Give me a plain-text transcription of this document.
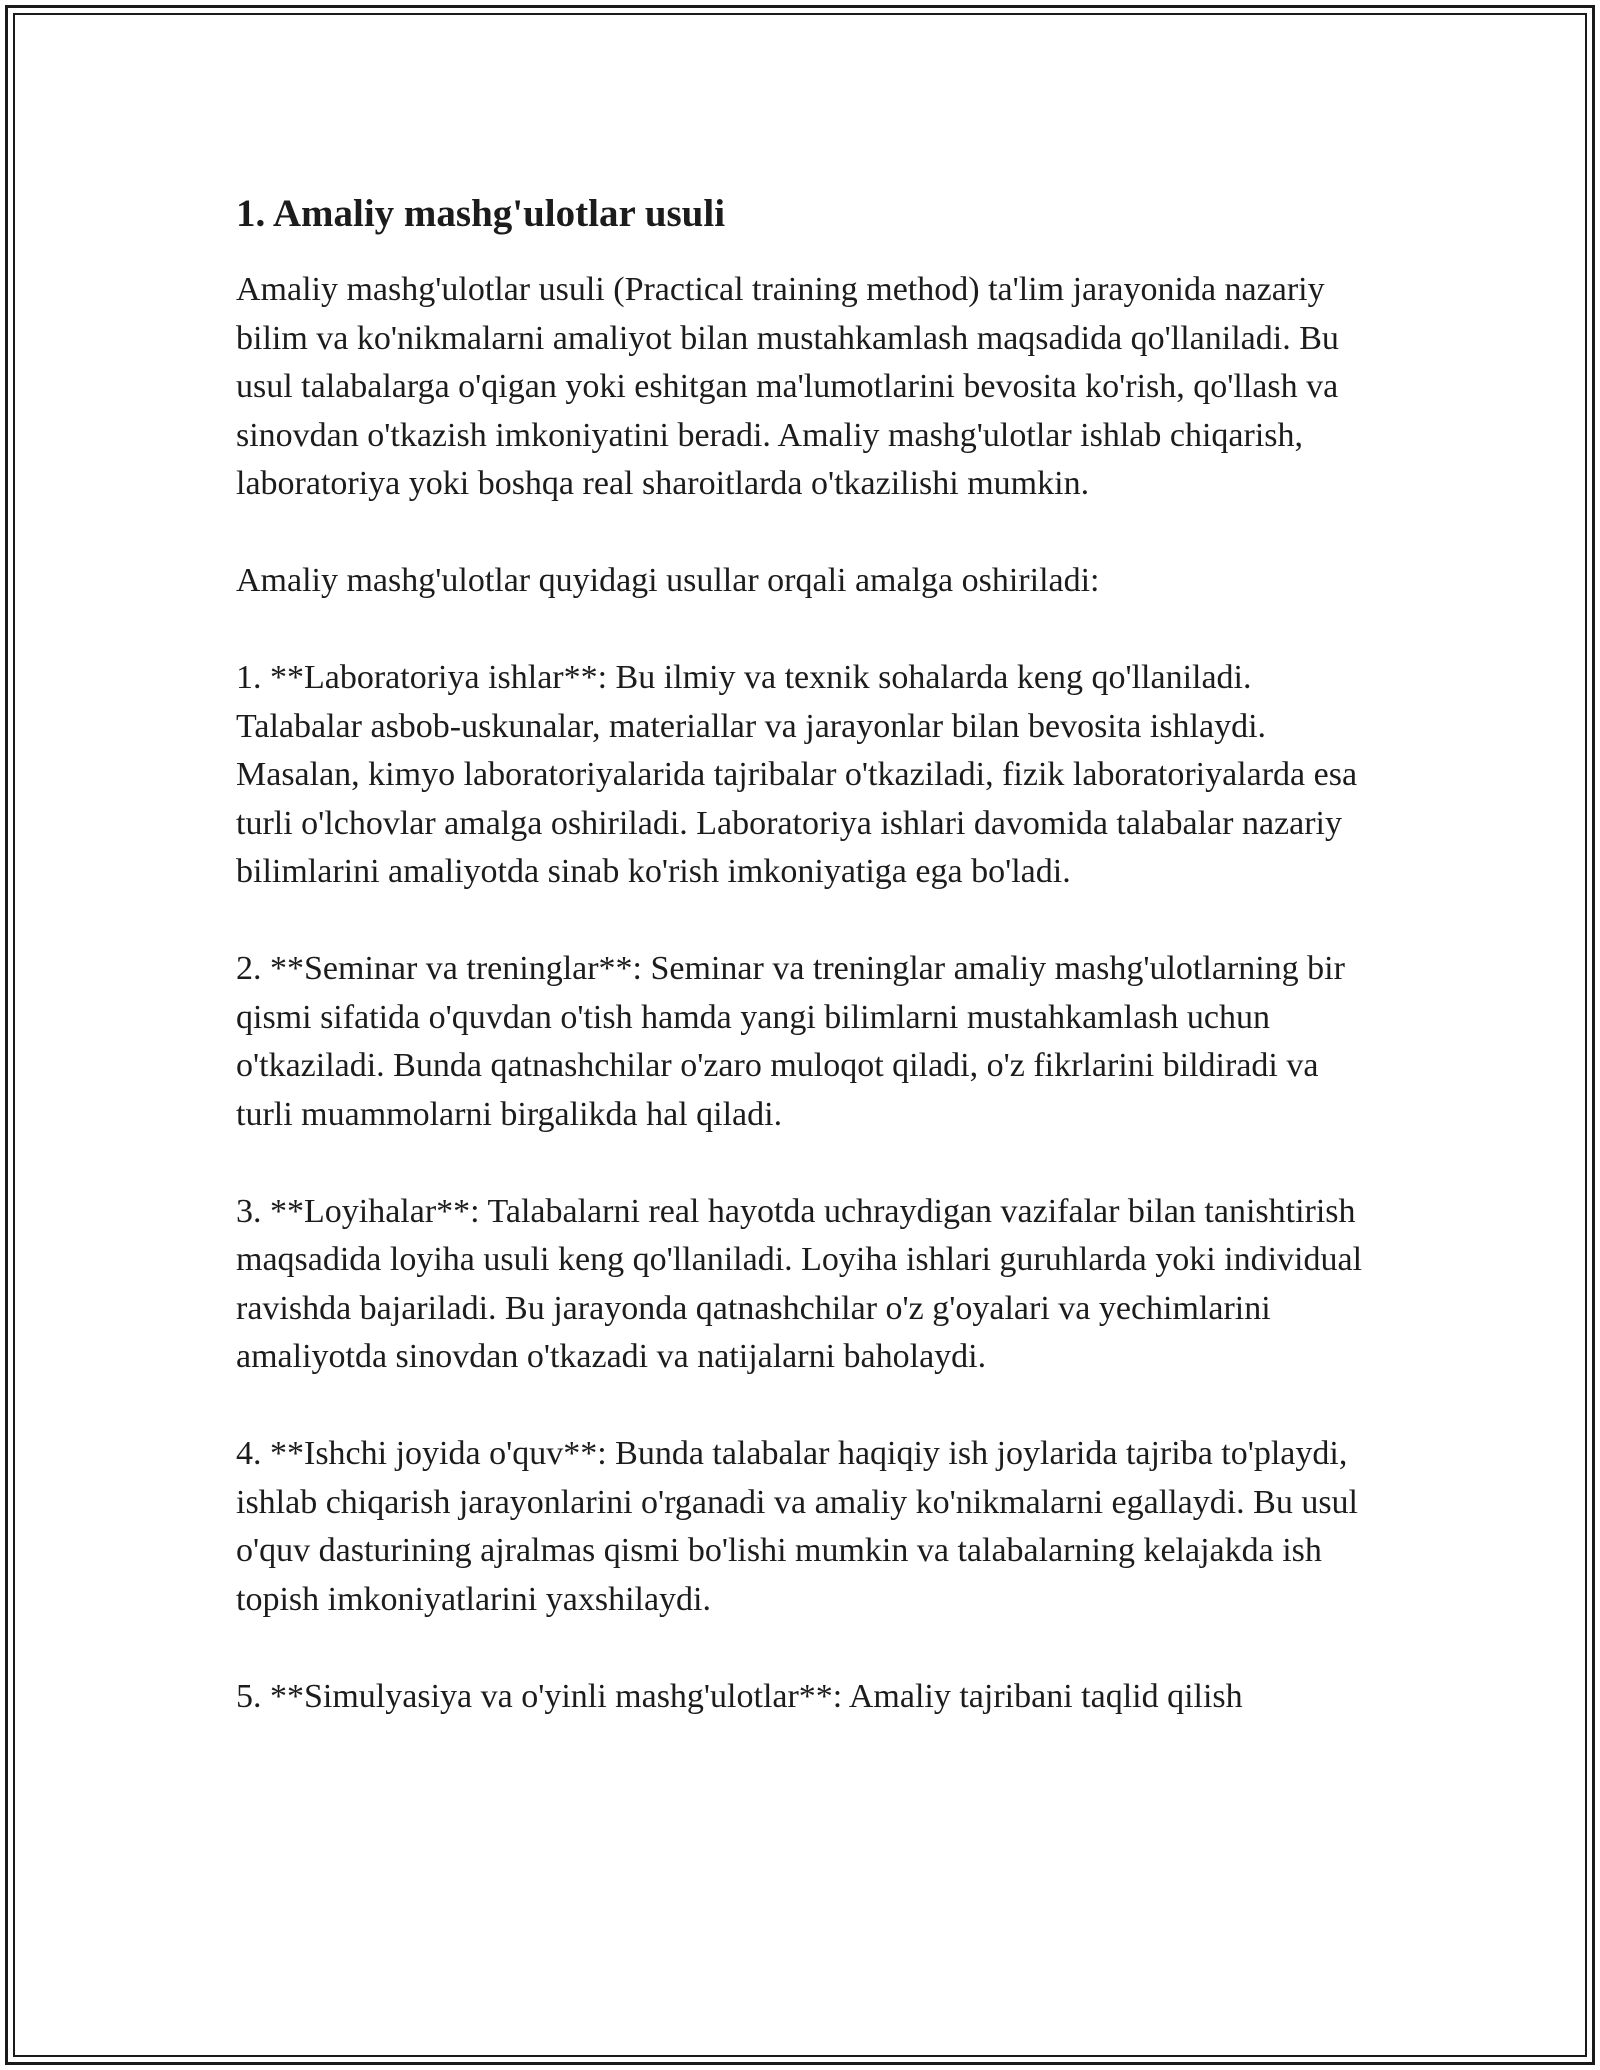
1. Amaliy mashg'ulotlar usuli

Amaliy mashg'ulotlar usuli (Practical training method) ta'lim jarayonida nazariy bilim va ko'nikmalarni amaliyot bilan mustahkamlash maqsadida qo'llaniladi. Bu usul talabalarga o'qigan yoki eshitgan ma'lumotlarini bevosita ko'rish, qo'llash va sinovdan o'tkazish imkoniyatini beradi. Amaliy mashg'ulotlar ishlab chiqarish, laboratoriya yoki boshqa real sharoitlarda o'tkazilishi mumkin.

Amaliy mashg'ulotlar quyidagi usullar orqali amalga oshiriladi:

1. **Laboratoriya ishlar**: Bu ilmiy va texnik sohalarda keng qo'llaniladi. Talabalar asbob-uskunalar, materiallar va jarayonlar bilan bevosita ishlaydi. Masalan, kimyo laboratoriyalarida tajribalar o'tkaziladi, fizik laboratoriyalarda esa turli o'lchovlar amalga oshiriladi. Laboratoriya ishlari davomida talabalar nazariy bilimlarini amaliyotda sinab ko'rish imkoniyatiga ega bo'ladi.

2. **Seminar va treninglar**: Seminar va treninglar amaliy mashg'ulotlarning bir qismi sifatida o'quvdan o'tish hamda yangi bilimlarni mustahkamlash uchun o'tkaziladi. Bunda qatnashchilar o'zaro muloqot qiladi, o'z fikrlarini bildiradi va turli muammolarni birgalikda hal qiladi.

3. **Loyihalar**: Talabalarni real hayotda uchraydigan vazifalar bilan tanishtirish maqsadida loyiha usuli keng qo'llaniladi. Loyiha ishlari guruhlarda yoki individual ravishda bajariladi. Bu jarayonda qatnashchilar o'z g'oyalari va yechimlarini amaliyotda sinovdan o'tkazadi va natijalarni baholaydi.

4. **Ishchi joyida o'quv**: Bunda talabalar haqiqiy ish joylarida tajriba to'playdi, ishlab chiqarish jarayonlarini o'rganadi va amaliy ko'nikmalarni egallaydi. Bu usul o'quv dasturining ajralmas qismi bo'lishi mumkin va talabalarning kelajakda ish topish imkoniyatlarini yaxshilaydi.

5. **Simulyasiya va o'yinli mashg'ulotlar**: Amaliy tajribani taqlid qilish
